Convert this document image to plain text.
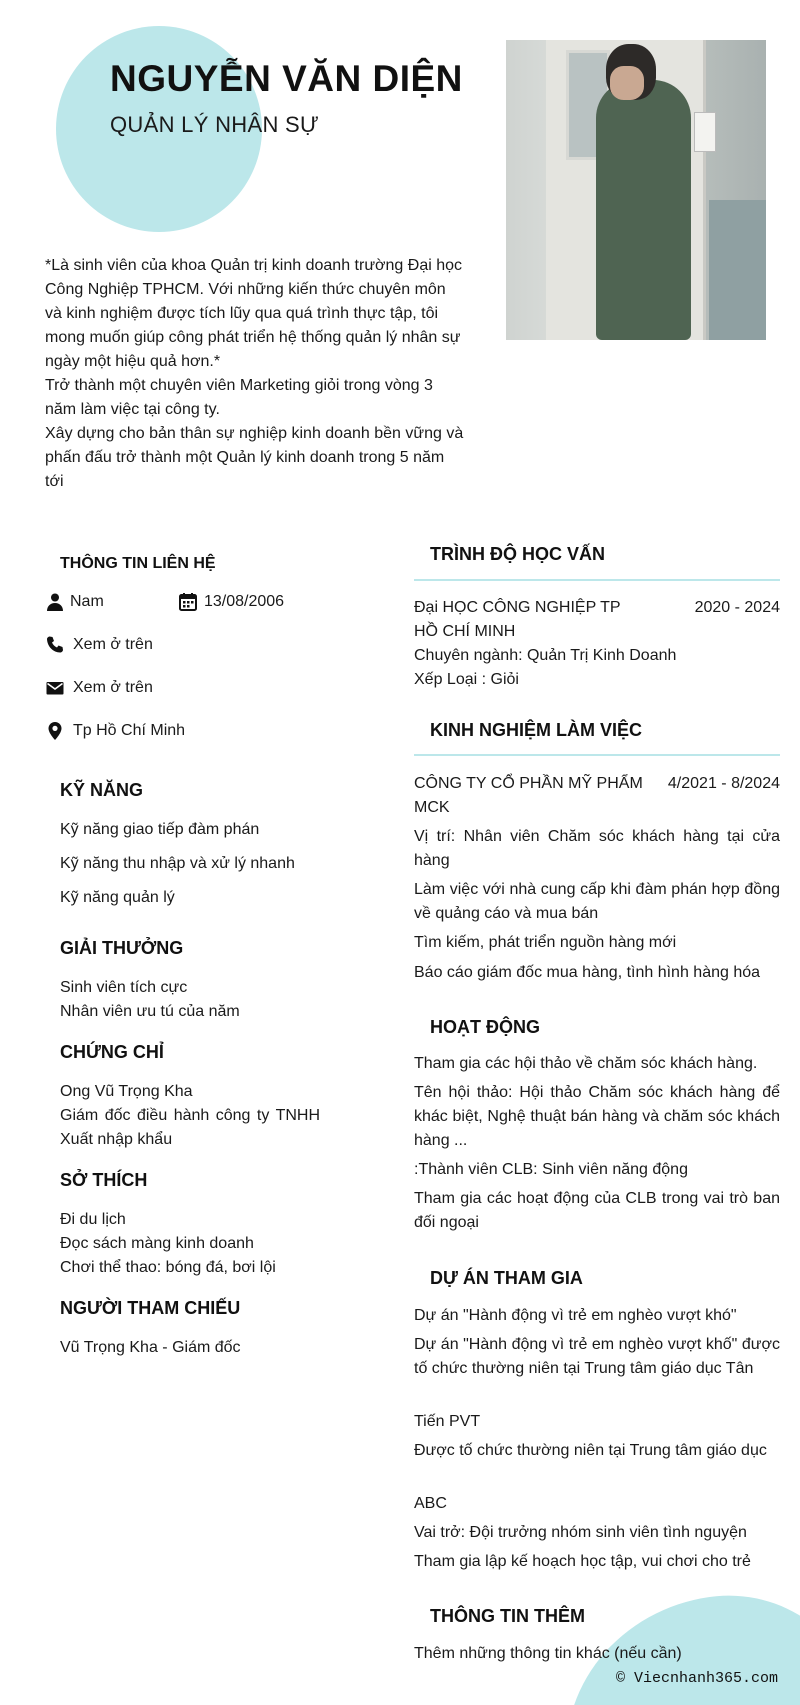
NGUYỄN VĂN DIỆN
QUẢN LÝ NHÂN SỰ

*Là sinh viên của khoa Quản trị kinh doanh trường Đại học Công Nghiệp TPHCM. Với những kiến thức chuyên môn và kinh nghiệm được tích lũy qua quá trình thực tập, tôi mong muốn giúp công phát triển hệ thống quản lý nhân sự ngày một hiệu quả hơn.*

Trở thành một chuyên viên Marketing giỏi trong vòng 3 năm làm việc tại công ty.

Xây dựng cho bản thân sự nghiệp kinh doanh bền vững và phấn đấu trở thành một Quản lý kinh doanh trong 5 năm tới

THÔNG TIN LIÊN HỆ
Nam	13/08/2006
Xem ở trên
Xem ở trên
Tp Hồ Chí Minh
KỸ NĂNG
Kỹ năng giao tiếp đàm phán
Kỹ năng thu nhập và xử lý nhanh
Kỹ năng quản lý
GIẢI THƯỞNG
Sinh viên tích cực
Nhân viên ưu tú của năm
CHỨNG CHỈ
Ong Vũ Trọng Kha
Giám đốc điều hành công ty TNHH Xuất nhập khẩu
SỞ THÍCH
Đi du lịch
Đọc sách màng kinh doanh
Chơi thể thao: bóng đá, bơi lội
NGƯỜI THAM CHIẾU
Vũ Trọng Kha - Giám đốc
TRÌNH ĐỘ HỌC VẤN
Đại HỌC CÔNG NGHIỆP TP HỒ CHÍ MINH
2020 - 2024
Chuyên ngành: Quản Trị Kinh Doanh
Xếp Loại : Giỏi
KINH NGHIỆM LÀM VIỆC
CÔNG TY CỔ PHẦN MỸ PHẨM MCK
4/2021 - 8/2024
Vị trí: Nhân viên Chăm sóc khách hàng tại cửa hàng
Làm việc với nhà cung cấp khi đàm phán hợp đồng về quảng cáo và mua bán
Tìm kiếm, phát triển nguồn hàng mới
Báo cáo giám đốc mua hàng, tình hình hàng hóa
HOẠT ĐỘNG
Tham gia các hội thảo về chăm sóc khách hàng.
Tên hội thảo: Hội thảo Chăm sóc khách hàng để khác biệt, Nghệ thuật bán hàng và chăm sóc khách hàng ...
:Thành viên CLB: Sinh viên năng động
Tham gia các hoạt động của CLB trong vai trò ban đối ngoại
DỰ ÁN THAM GIA
Dự án "Hành động vì trẻ em nghèo vượt khó"
Dự án "Hành động vì trẻ em nghèo vượt khố" được tố chức thường niên tại Trung tâm giáo dục Tân
Tiến PVT
Được tố chức thường niên tại Trung tâm giáo dục
ABC
Vai trở: Đội trưởng nhóm sinh viên tình nguyện
Tham gia lập kế hoạch học tập, vui chơi cho trẻ
THÔNG TIN THÊM
Thêm những thông tin khác (nếu cần)
© Viecnhanh365.com
